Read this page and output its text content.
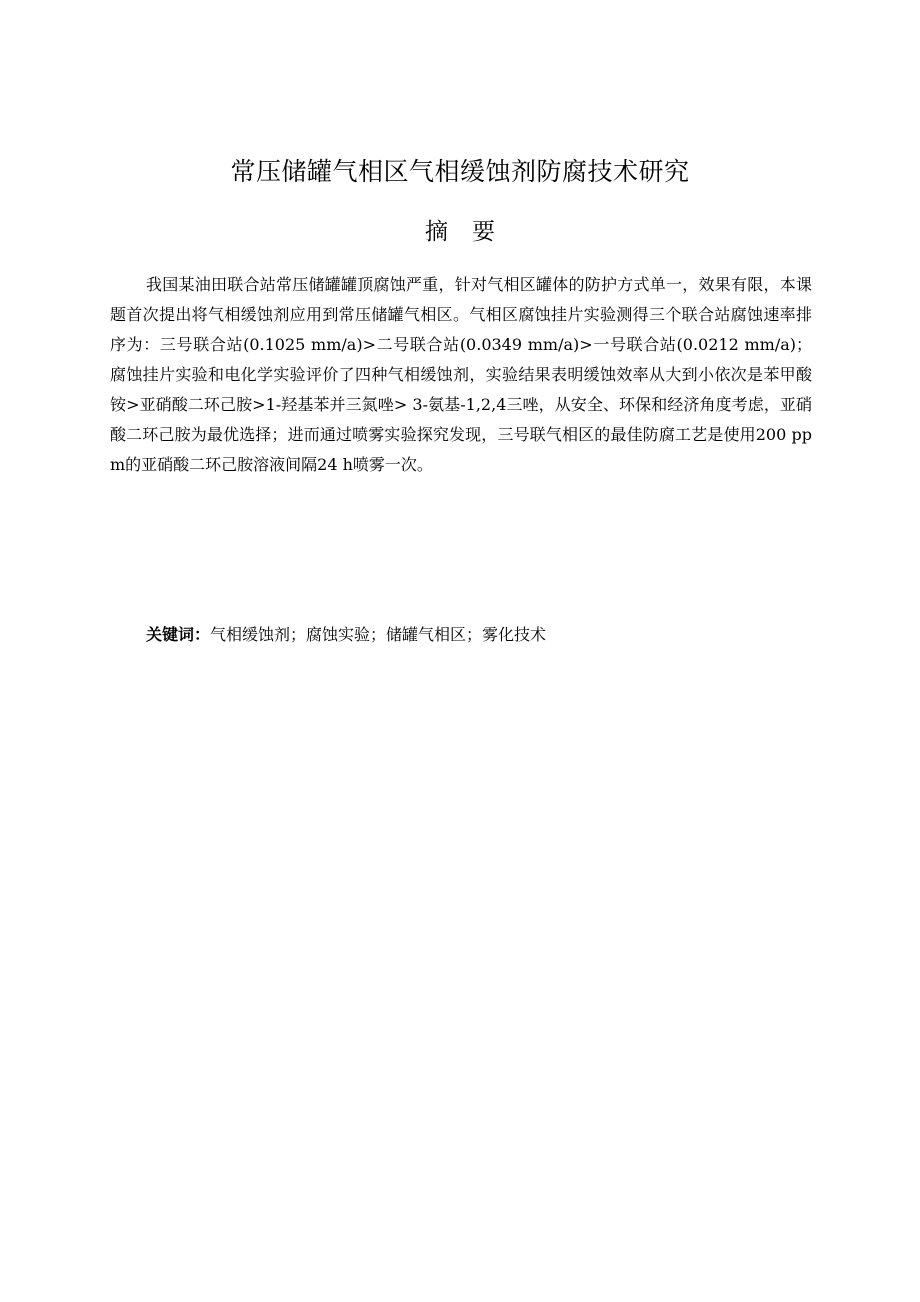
常压储罐气相区气相缓蚀剂防腐技术研究
摘 要

我国某油田联合站常压储罐罐顶腐蚀严重，针对气相区罐体的防护方式单一，效果有限，本课题首次提出将气相缓蚀剂应用到常压储罐气相区。气相区腐蚀挂片实验测得三个联合站腐蚀速率排序为：三号联合站(0.1025 mm/a)>二号联合站(0.0349 mm/a)>一号联合站(0.0212 mm/a)；腐蚀挂片实验和电化学实验评价了四种气相缓蚀剂，实验结果表明缓蚀效率从大到小依次是苯甲酸铵>亚硝酸二环己胺>1-羟基苯并三氮唑> 3-氨基-1,2,4三唑，从安全、环保和经济角度考虑，亚硝酸二环己胺为最优选择；进而通过喷雾实验探究发现，三号联气相区的最佳防腐工艺是使用200 ppm的亚硝酸二环己胺溶液间隔24 h喷雾一次。

关键词：气相缓蚀剂；腐蚀实验；储罐气相区；雾化技术
